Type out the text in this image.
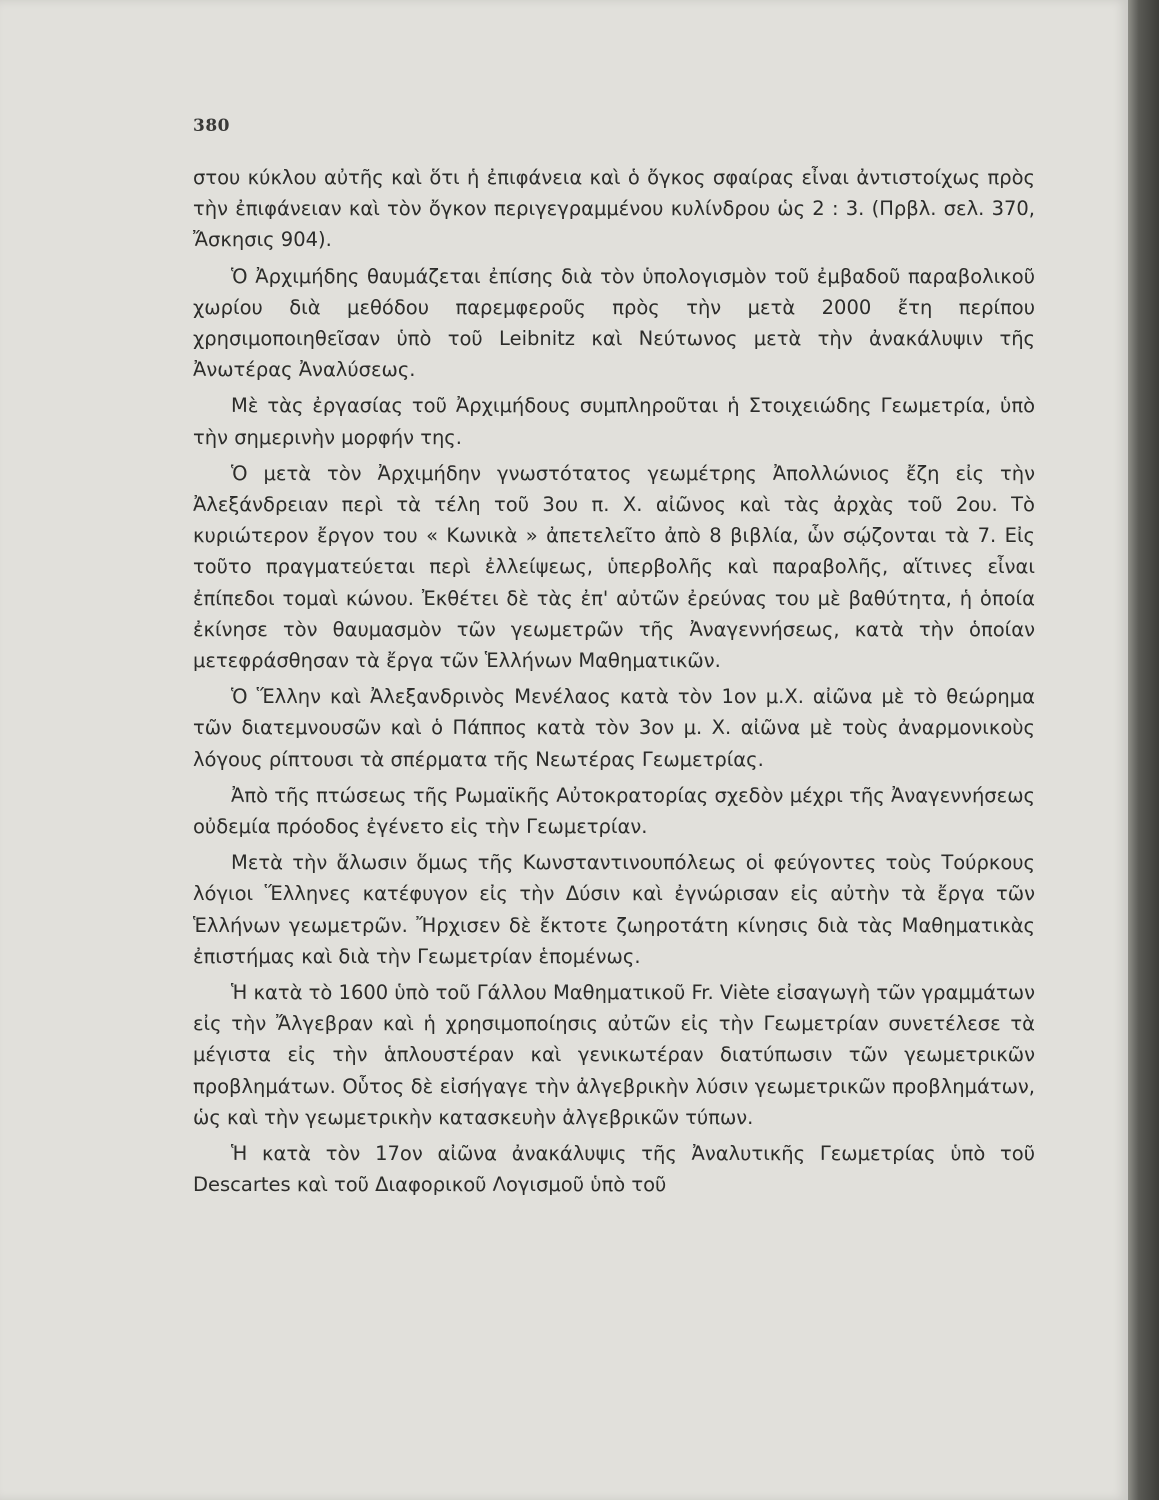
380

στου κύκλου αὐτῆς καὶ ὅτι ἡ ἐπιφάνεια καὶ ὁ ὄγκος σφαίρας εἶναι ἀντιστοίχως πρὸς τὴν ἐπιφάνειαν καὶ τὸν ὄγκον περιγεγραμμένου κυλίνδρου ὡς 2 : 3. (Πρβλ. σελ. 370, Ἄσκησις 904).

Ὁ Ἀρχιμήδης θαυμάζεται ἐπίσης διὰ τὸν ὑπολογισμὸν τοῦ ἐμβαδοῦ παραβολικοῦ χωρίου διὰ μεθόδου παρεμφεροῦς πρὸς τὴν μετὰ 2000 ἔτη περίπου χρησιμοποιηθεῖσαν ὑπὸ τοῦ Leibnitz καὶ Νεύτωνος μετὰ τὴν ἀνακάλυψιν τῆς Ἀνωτέρας Ἀναλύσεως.

Μὲ τὰς ἐργασίας τοῦ Ἀρχιμήδους συμπληροῦται ἡ Στοιχειώδης Γεωμετρία, ὑπὸ τὴν σημερινὴν μορφήν της.

Ὁ μετὰ τὸν Ἀρχιμήδην γνωστότατος γεωμέτρης Ἀπολλώνιος ἔζη εἰς τὴν Ἀλεξάνδρειαν περὶ τὰ τέλη τοῦ 3ου π. Χ. αἰῶνος καὶ τὰς ἀρχὰς τοῦ 2ου. Τὸ κυριώτερον ἔργον του « Κωνικὰ » ἀπετελεῖτο ἀπὸ 8 βιβλία, ὧν σῴζονται τὰ 7. Εἰς τοῦτο πραγματεύεται περὶ ἐλλείψεως, ὑπερβολῆς καὶ παραβολῆς, αἵτινες εἶναι ἐπίπεδοι τομαὶ κώνου. Ἐκθέτει δὲ τὰς ἐπ' αὐτῶν ἐρεύνας του μὲ βαθύτητα, ἡ ὁποία ἐκίνησε τὸν θαυμασμὸν τῶν γεωμετρῶν τῆς Ἀναγεννήσεως, κατὰ τὴν ὁποίαν μετεφράσθησαν τὰ ἔργα τῶν Ἑλλήνων Μαθηματικῶν.

Ὁ Ἕλλην καὶ Ἀλεξανδρινὸς Μενέλαος κατὰ τὸν 1ον μ.Χ. αἰῶνα μὲ τὸ θεώρημα τῶν διατεμνουσῶν καὶ ὁ Πάππος κατὰ τὸν 3ον μ. Χ. αἰῶνα μὲ τοὺς ἀναρμονικοὺς λόγους ρίπτουσι τὰ σπέρματα τῆς Νεωτέρας Γεωμετρίας.

Ἀπὸ τῆς πτώσεως τῆς Ρωμαϊκῆς Αὐτοκρατορίας σχεδὸν μέχρι τῆς Ἀναγεννήσεως οὐδεμία πρόοδος ἐγένετο εἰς τὴν Γεωμετρίαν.

Μετὰ τὴν ἅλωσιν ὅμως τῆς Κωνσταντινουπόλεως οἱ φεύγοντες τοὺς Τούρκους λόγιοι Ἕλληνες κατέφυγον εἰς τὴν Δύσιν καὶ ἐγνώρισαν εἰς αὐτὴν τὰ ἔργα τῶν Ἑλλήνων γεωμετρῶν. Ἤρχισεν δὲ ἔκτοτε ζωηροτάτη κίνησις διὰ τὰς Μαθηματικὰς ἐπιστήμας καὶ διὰ τὴν Γεωμετρίαν ἑπομένως.

Ἡ κατὰ τὸ 1600 ὑπὸ τοῦ Γάλλου Μαθηματικοῦ Fr. Viète εἰσαγωγὴ τῶν γραμμάτων εἰς τὴν Ἄλγεβραν καὶ ἡ χρησιμοποίησις αὐτῶν εἰς τὴν Γεωμετρίαν συνετέλεσε τὰ μέγιστα εἰς τὴν ἁπλουστέραν καὶ γενικωτέραν διατύπωσιν τῶν γεωμετρικῶν προβλημάτων. Οὗτος δὲ εἰσήγαγε τὴν ἀλγεβρικὴν λύσιν γεωμετρικῶν προβλημάτων, ὡς καὶ τὴν γεωμετρικὴν κατασκευὴν ἀλγεβρικῶν τύπων.

Ἡ κατὰ τὸν 17ον αἰῶνα ἀνακάλυψις τῆς Ἀναλυτικῆς Γεωμετρίας ὑπὸ τοῦ Descartes καὶ τοῦ Διαφορικοῦ Λογισμοῦ ὑπὸ τοῦ
